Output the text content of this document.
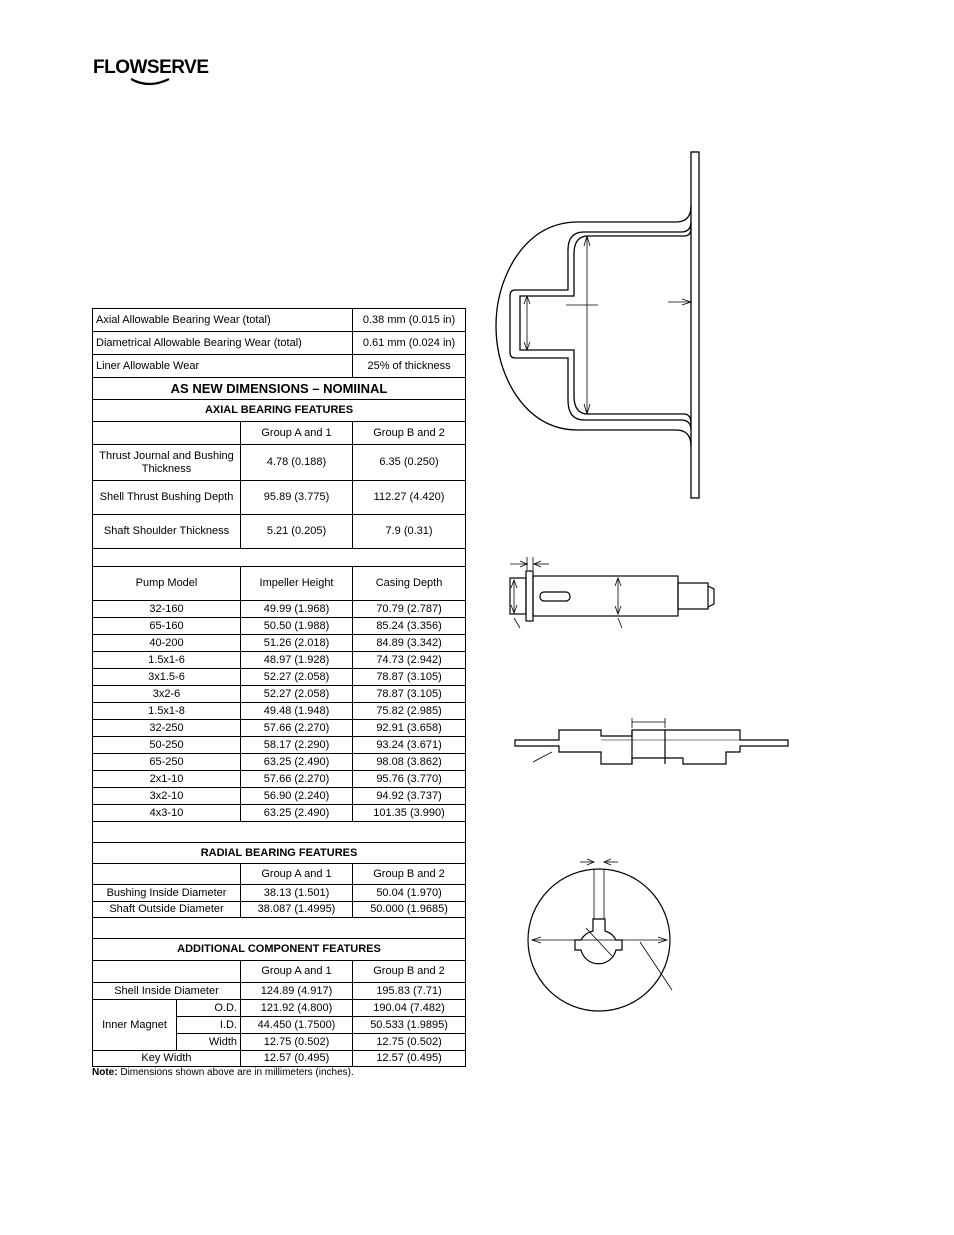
FLOWSERVE
Axial Allowable Bearing Wear (total)			0.38 mm (0.015 in)
Diametrical Allowable Bearing Wear (total)			0.61 mm (0.024 in)
Liner Allowable Wear			25% of thickness
AS NEW DIMENSIONS – NOMIINAL			
AXIAL BEARING FEATURES			
		Group A and 1	Group B and 2
Thrust Journal and Bushing Thickness		4.78 (0.188)	6.35 (0.250)
Shell Thrust Bushing Depth		95.89 (3.775)	112.27 (4.420)
Shaft Shoulder Thickness		5.21 (0.205)	7.9 (0.31)

Pump Model		Impeller Height	Casing Depth
32-160		49.99 (1.968)	70.79 (2.787)
65-160		50.50 (1.988)	85.24 (3.356)
40-200		51.26 (2.018)	84.89 (3.342)
1.5x1-6		48.97 (1.928)	74.73 (2.942)
3x1.5-6		52.27 (2.058)	78.87 (3.105)
3x2-6		52.27 (2.058)	78.87 (3.105)
1.5x1-8		49.48 (1.948)	75.82 (2.985)
32-250		57.66 (2.270)	92.91 (3.658)
50-250		58.17 (2.290)	93.24 (3.671)
65-250		63.25 (2.490)	98.08 (3.862)
2x1-10		57.66 (2.270)	95.76 (3.770)
3x2-10		56.90 (2.240)	94.92 (3.737)
4x3-10		63.25 (2.490)	101.35 (3.990)

RADIAL BEARING FEATURES			
		Group A and 1	Group B and 2
Bushing Inside Diameter		38.13 (1.501)	50.04 (1.970)
Shaft Outside Diameter		38.087 (1.4995)	50.000 (1.9685)

ADDITIONAL COMPONENT FEATURES			
		Group A and 1	Group B and 2
Shell Inside Diameter		124.89 (4.917)	195.83 (7.71)
Inner Magnet	O.D.	121.92 (4.800)	190.04 (7.482)
	I.D.	44.450 (1.7500)	50.533 (1.9895)
	Width	12.75 (0.502)	12.75 (0.502)
Key Width		12.57 (0.495)	12.57 (0.495)
Note: Dimensions shown above are in millimeters (inches).
